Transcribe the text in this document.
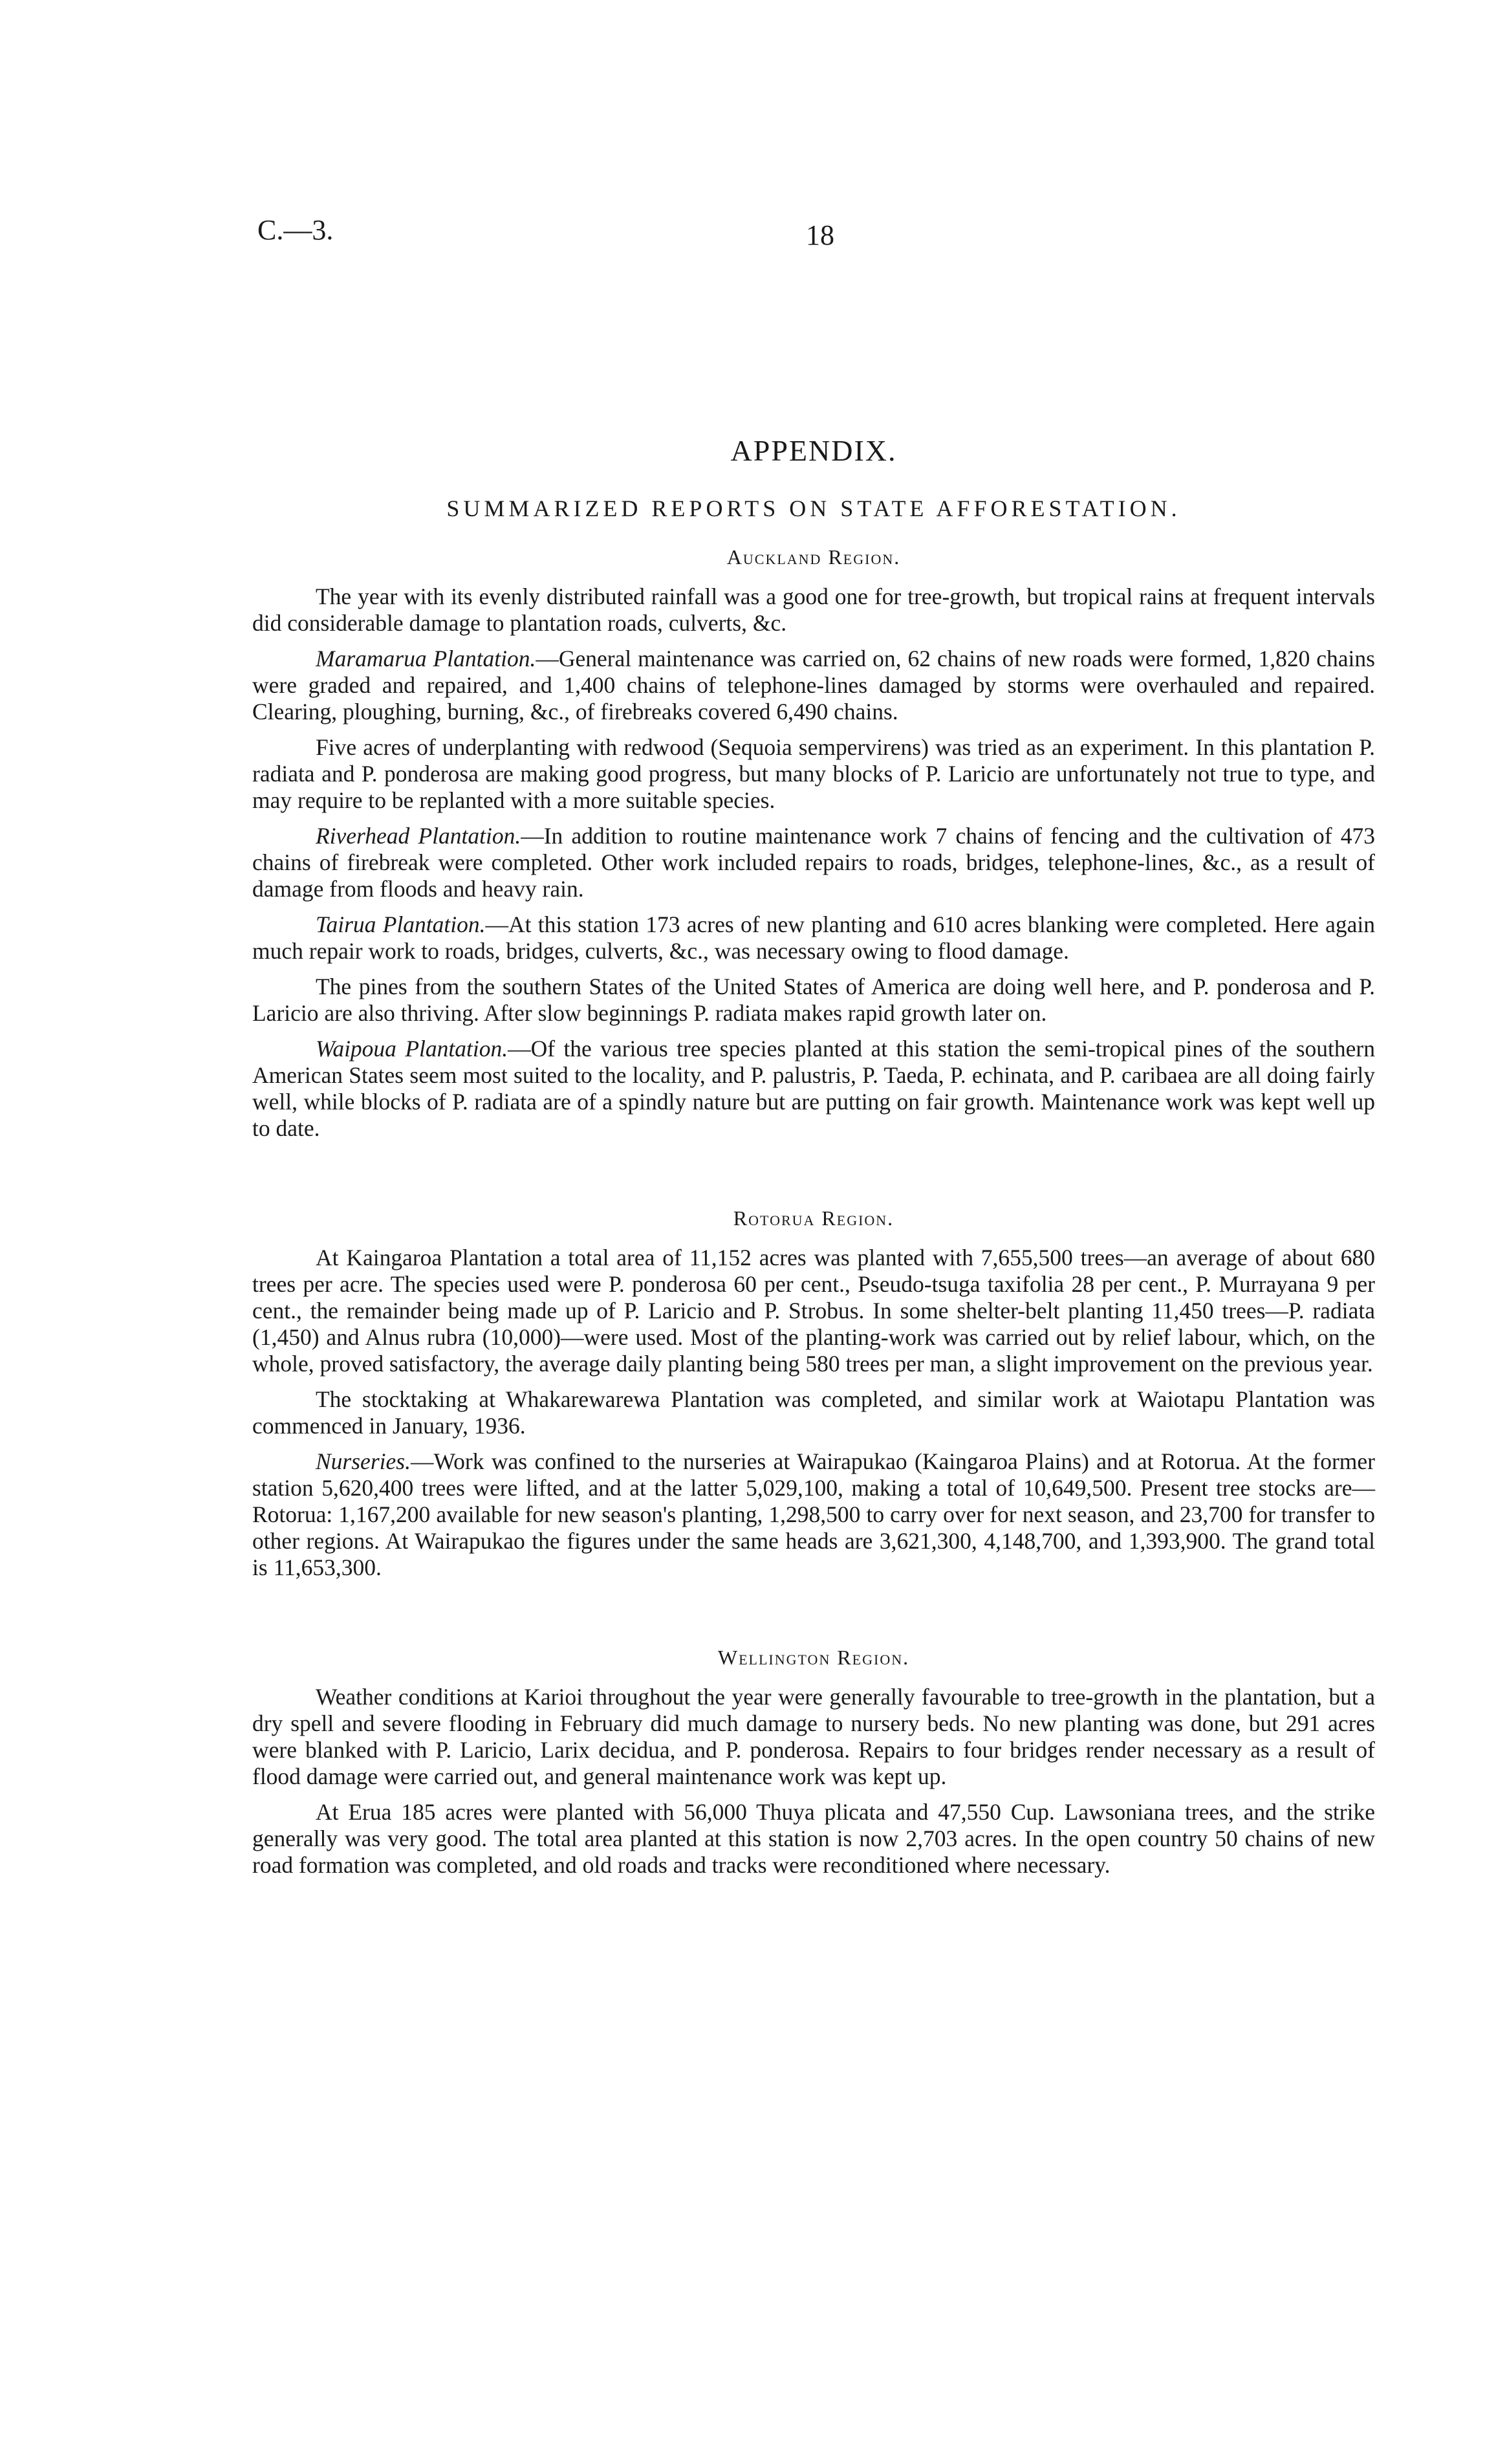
C.—3.	18
APPENDIX.
SUMMARIZED REPORTS ON STATE AFFORESTATION.
Auckland Region.

The year with its evenly distributed rainfall was a good one for tree-growth, but tropical rains at frequent intervals did considerable damage to plantation roads, culverts, &c.

Maramarua Plantation.—General maintenance was carried on, 62 chains of new roads were formed, 1,820 chains were graded and repaired, and 1,400 chains of telephone-lines damaged by storms were overhauled and repaired. Clearing, ploughing, burning, &c., of firebreaks covered 6,490 chains.

Five acres of underplanting with redwood (Sequoia sempervirens) was tried as an experiment. In this plantation P. radiata and P. ponderosa are making good progress, but many blocks of P. Laricio are unfortunately not true to type, and may require to be replanted with a more suitable species.

Riverhead Plantation.—In addition to routine maintenance work 7 chains of fencing and the cultivation of 473 chains of firebreak were completed. Other work included repairs to roads, bridges, telephone-lines, &c., as a result of damage from floods and heavy rain.

Tairua Plantation.—At this station 173 acres of new planting and 610 acres blanking were completed. Here again much repair work to roads, bridges, culverts, &c., was necessary owing to flood damage.

The pines from the southern States of the United States of America are doing well here, and P. ponderosa and P. Laricio are also thriving. After slow beginnings P. radiata makes rapid growth later on.

Waipoua Plantation.—Of the various tree species planted at this station the semi-tropical pines of the southern American States seem most suited to the locality, and P. palustris, P. Taeda, P. echinata, and P. caribaea are all doing fairly well, while blocks of P. radiata are of a spindly nature but are putting on fair growth. Maintenance work was kept well up to date.

Rotorua Region.

At Kaingaroa Plantation a total area of 11,152 acres was planted with 7,655,500 trees—an average of about 680 trees per acre. The species used were P. ponderosa 60 per cent., Pseudo-tsuga taxifolia 28 per cent., P. Murrayana 9 per cent., the remainder being made up of P. Laricio and P. Strobus. In some shelter-belt planting 11,450 trees—P. radiata (1,450) and Alnus rubra (10,000)—were used. Most of the planting-work was carried out by relief labour, which, on the whole, proved satisfactory, the average daily planting being 580 trees per man, a slight improvement on the previous year.

The stocktaking at Whakarewarewa Plantation was completed, and similar work at Waiotapu Plantation was commenced in January, 1936.

Nurseries.—Work was confined to the nurseries at Wairapukao (Kaingaroa Plains) and at Rotorua. At the former station 5,620,400 trees were lifted, and at the latter 5,029,100, making a total of 10,649,500. Present tree stocks are—Rotorua: 1,167,200 available for new season's planting, 1,298,500 to carry over for next season, and 23,700 for transfer to other regions. At Wairapukao the figures under the same heads are 3,621,300, 4,148,700, and 1,393,900. The grand total is 11,653,300.

Wellington Region.

Weather conditions at Karioi throughout the year were generally favourable to tree-growth in the plantation, but a dry spell and severe flooding in February did much damage to nursery beds. No new planting was done, but 291 acres were blanked with P. Laricio, Larix decidua, and P. ponderosa. Repairs to four bridges render necessary as a result of flood damage were carried out, and general maintenance work was kept up.

At Erua 185 acres were planted with 56,000 Thuya plicata and 47,550 Cup. Lawsoniana trees, and the strike generally was very good. The total area planted at this station is now 2,703 acres. In the open country 50 chains of new road formation was completed, and old roads and tracks were reconditioned where necessary.
